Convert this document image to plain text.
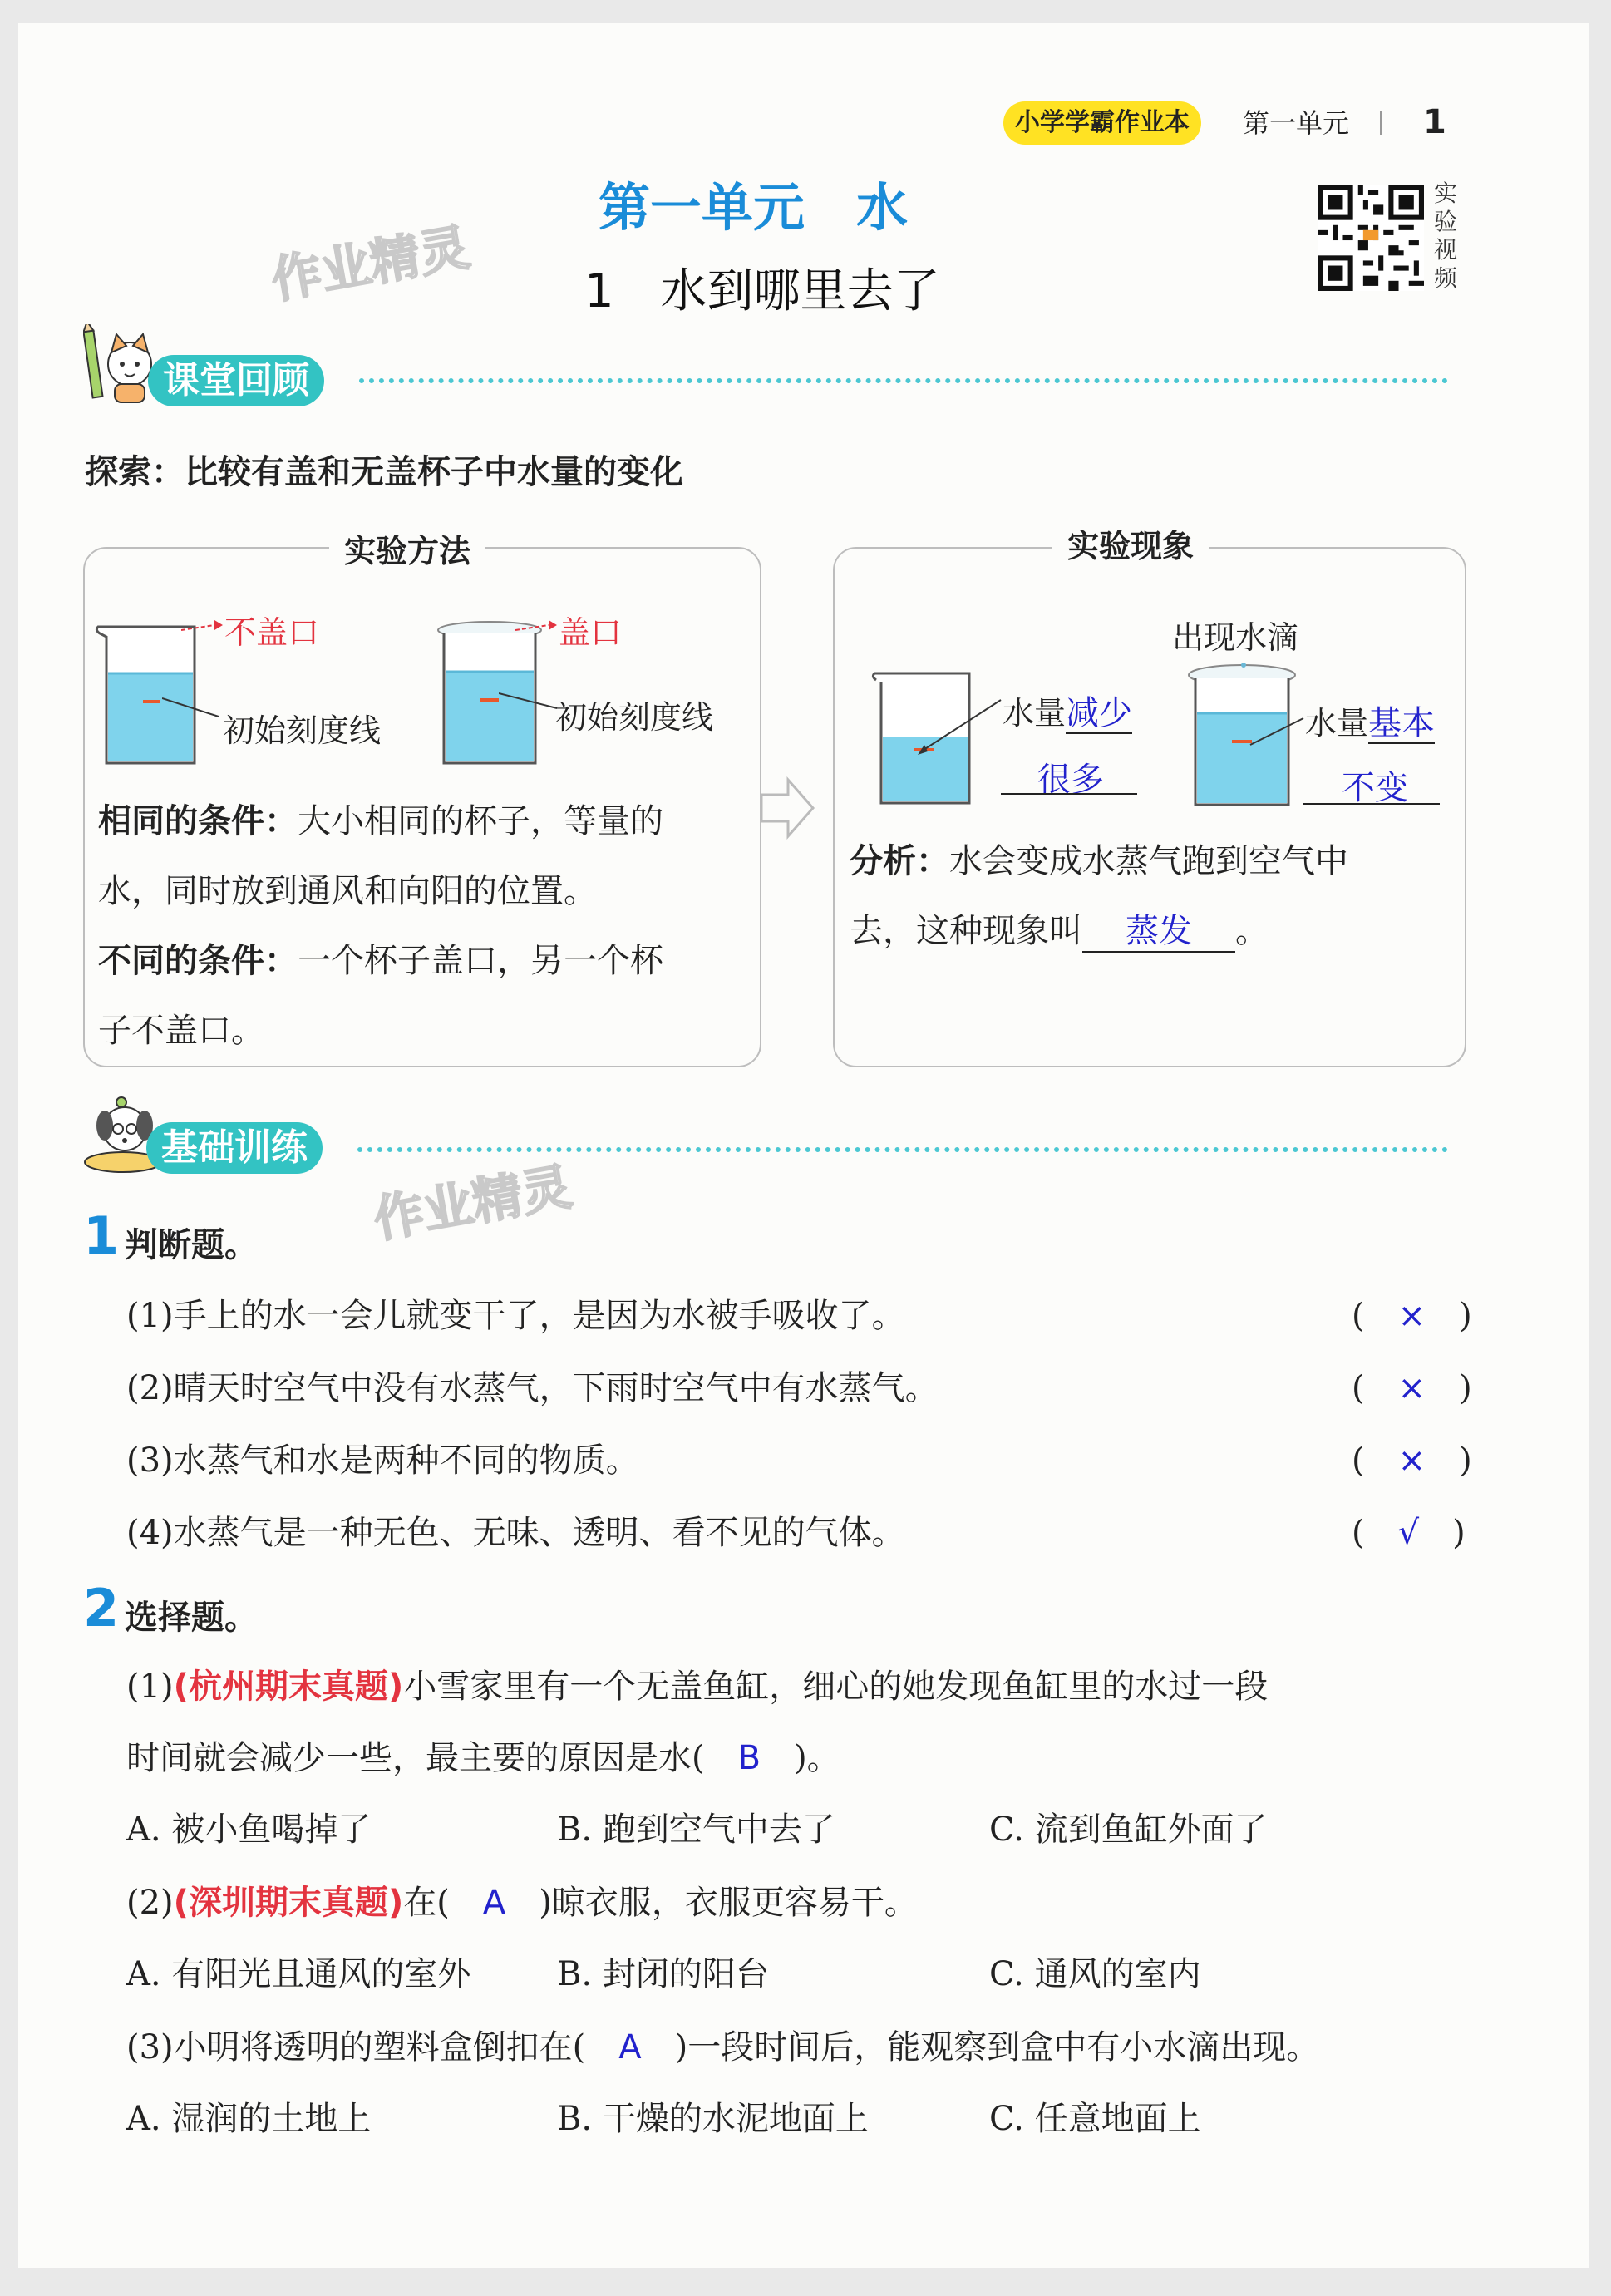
小学学霸作业本	第一单元 1
第一单元　水
1　水到哪里去了
实验视频
作业精灵
作业精灵
课堂回顾
探索：比较有盖和无盖杯子中水量的变化
实验方法
不盖口
初始刻度线
盖口
初始刻度线
相同的条件：大小相同的杯子，等量的
水，同时放到通风和向阳的位置。
不同的条件：一个杯子盖口，另一个杯
子不盖口。
实验现象
出现水滴
水量减少
很多
水量基本
不变
分析：水会变成水蒸气跑到空气中
去，这种现象叫 蒸发 。
基础训练
1 判断题。
(1)手上的水一会儿就变干了，是因为水被手吸收了。	(　×　)
(2)晴天时空气中没有水蒸气，下雨时空气中有水蒸气。	(　×　)
(3)水蒸气和水是两种不同的物质。	(　×　)
(4)水蒸气是一种无色、无味、透明、看不见的气体。	(　√　)
2 选择题。
(1)(杭州期末真题)小雪家里有一个无盖鱼缸，细心的她发现鱼缸里的水过一段
时间就会减少一些，最主要的原因是水(　 B　 )。
A. 被小鱼喝掉了	B. 跑到空气中去了	C. 流到鱼缸外面了
(2)(深圳期末真题)在(　 A　 )晾衣服，衣服更容易干。
A. 有阳光且通风的室外	B. 封闭的阳台	C. 通风的室内
(3)小明将透明的塑料盒倒扣在(　 A　 )一段时间后，能观察到盒中有小水滴出现。
A. 湿润的土地上	B. 干燥的水泥地面上	C. 任意地面上
